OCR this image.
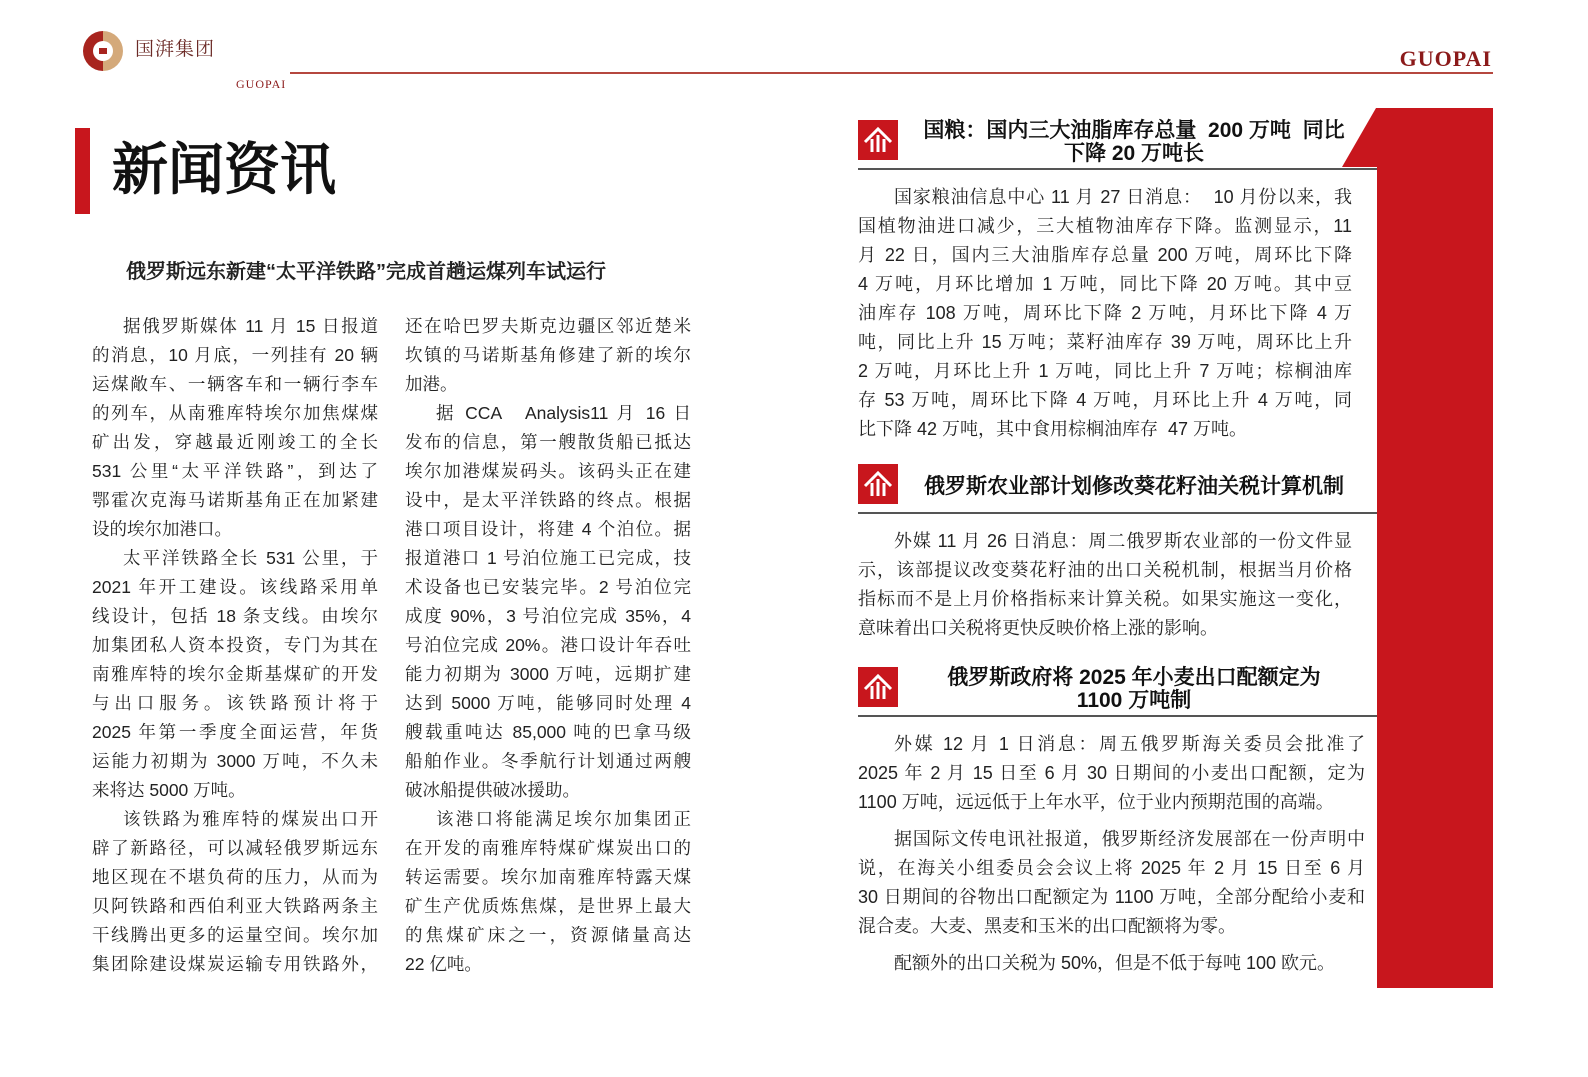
国湃集团
GUOPAI
GUOPAI
新闻资讯
俄罗斯远东新建“太平洋铁路”完成首趟运煤列车试运行
据俄罗斯媒体 11 月 15 日报道
的消息，10 月底，一列挂有 20 辆
运煤敞车、一辆客车和一辆行李车
的列车，从南雅库特埃尔加焦煤煤
矿出发，穿越最近刚竣工的全长
531 公里“太平洋铁路”，到达了
鄂霍次克海马诺斯基角正在加紧建
设的埃尔加港口。
太平洋铁路全长 531 公里，于
2021 年开工建设。该线路采用单
线设计，包括 18 条支线。由埃尔
加集团私人资本投资，专门为其在
南雅库特的埃尔金斯基煤矿的开发
与出口服务。该铁路预计将于
2025 年第一季度全面运营，年货
运能力初期为 3000 万吨，不久未
来将达 5000 万吨。
该铁路为雅库特的煤炭出口开
辟了新路径，可以减轻俄罗斯远东
地区现在不堪负荷的压力，从而为
贝阿铁路和西伯利亚大铁路两条主
干线腾出更多的运量空间。埃尔加
集团除建设煤炭运输专用铁路外，
还在哈巴罗夫斯克边疆区邻近楚米
坎镇的马诺斯基角修建了新的埃尔
加港。
据 CCA   Analysis11 月 16 日
发布的信息，第一艘散货船已抵达
埃尔加港煤炭码头。该码头正在建
设中，是太平洋铁路的终点。根据
港口项目设计，将建 4 个泊位。据
报道港口 1 号泊位施工已完成，技
术设备也已安装完毕。2 号泊位完
成度 90%，3 号泊位完成 35%，4
号泊位完成 20%。港口设计年吞吐
能力初期为 3000 万吨，远期扩建
达到 5000 万吨，能够同时处理 4
艘载重吨达 85,000 吨的巴拿马级
船舶作业。冬季航行计划通过两艘
破冰船提供破冰援助。
该港口将能满足埃尔加集团正
在开发的南雅库特煤矿煤炭出口的
转运需要。埃尔加南雅库特露天煤
矿生产优质炼焦煤，是世界上最大
的焦煤矿床之一，资源储量高达
22 亿吨。
国粮：国内三大油脂库存总量  200 万吨  同比
下降 20 万吨长
国家粮油信息中心 11 月 27 日消息：  10 月份以来，我
国植物油进口减少，三大植物油库存下降。监测显示，11
月 22 日，国内三大油脂库存总量 200 万吨，周环比下降
4 万吨，月环比增加 1 万吨，同比下降 20 万吨。其中豆
油库存 108 万吨，周环比下降 2 万吨，月环比下降 4 万
吨，同比上升 15 万吨；菜籽油库存 39 万吨，周环比上升
2 万吨，月环比上升 1 万吨，同比上升 7 万吨；棕榈油库
存 53 万吨，周环比下降 4 万吨，月环比上升 4 万吨，同
比下降 42 万吨，其中食用棕榈油库存  47 万吨。
俄罗斯农业部计划修改葵花籽油关税计算机制
外媒 11 月 26 日消息：周二俄罗斯农业部的一份文件显
示，该部提议改变葵花籽油的出口关税机制，根据当月价格
指标而不是上月价格指标来计算关税。如果实施这一变化，
意味着出口关税将更快反映价格上涨的影响。
俄罗斯政府将 2025 年小麦出口配额定为
1100 万吨制
外媒 12 月 1 日消息：周五俄罗斯海关委员会批准了
2025 年 2 月 15 日至 6 月 30 日期间的小麦出口配额，定为
1100 万吨，远远低于上年水平，位于业内预期范围的高端。
据国际文传电讯社报道，俄罗斯经济发展部在一份声明中
说，在海关小组委员会会议上将 2025 年 2 月 15 日至 6 月
30 日期间的谷物出口配额定为 1100 万吨，全部分配给小麦和
混合麦。大麦、黑麦和玉米的出口配额将为零。
配额外的出口关税为 50%，但是不低于每吨 100 欧元。
